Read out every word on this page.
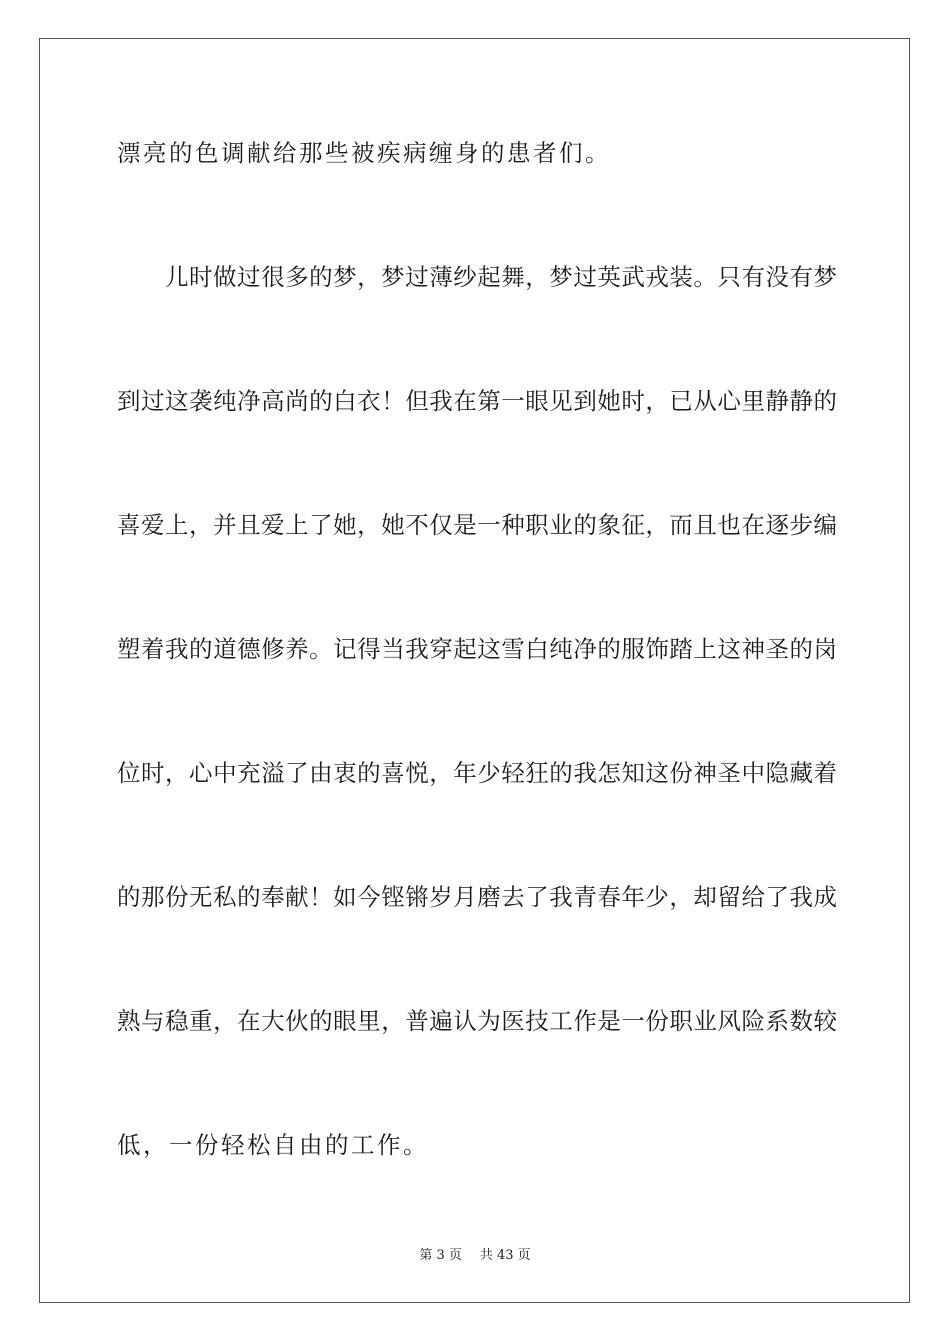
漂亮的色调献给那些被疾病缠身的患者们。
儿时做过很多的梦，梦过薄纱起舞，梦过英武戎装。只有没有梦
到过这袭纯净高尚的白衣！但我在第一眼见到她时，已从心里静静的
喜爱上，并且爱上了她，她不仅是一种职业的象征，而且也在逐步编
塑着我的道德修养。记得当我穿起这雪白纯净的服饰踏上这神圣的岗
位时，心中充溢了由衷的喜悦，年少轻狂的我怎知这份神圣中隐藏着
的那份无私的奉献！如今铿锵岁月磨去了我青春年少，却留给了我成
熟与稳重，在大伙的眼里，普遍认为医技工作是一份职业风险系数较
低，一份轻松自由的工作。
第 3 页 共 43 页
